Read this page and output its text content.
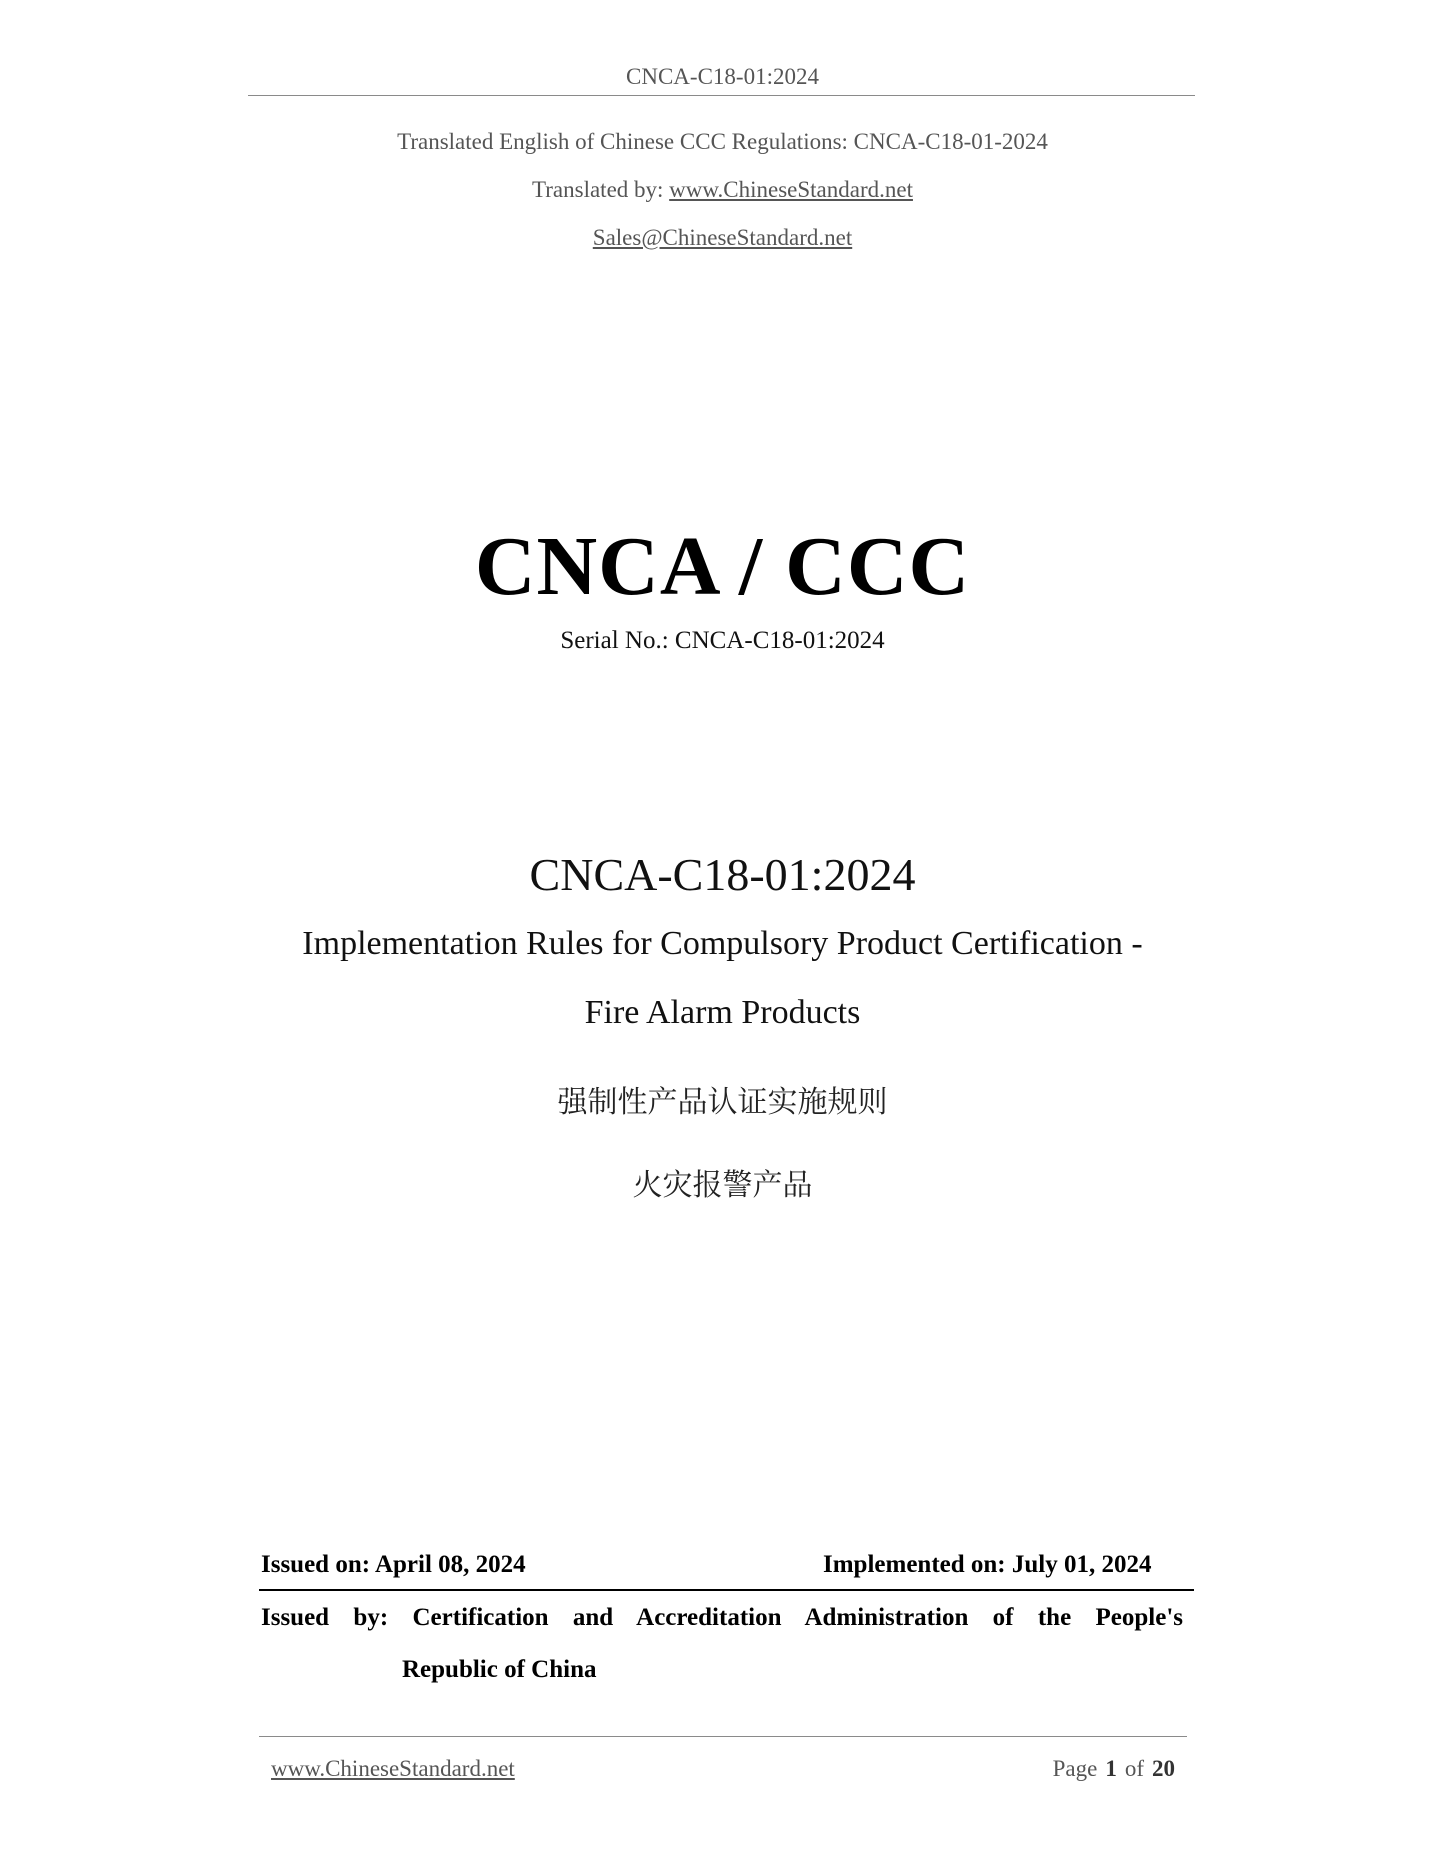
CNCA-C18-01:2024
Translated English of Chinese CCC Regulations: CNCA-C18-01-2024
Translated by: www.ChineseStandard.net
Sales@ChineseStandard.net
CNCA / CCC
Serial No.: CNCA-C18-01:2024
CNCA-C18-01:2024
Implementation Rules for Compulsory Product Certification -
Fire Alarm Products
强制性产品认证实施规则
火灾报警产品
Issued on: April 08, 2024	Implemented on: July 01, 2024
Issued by: Certification and Accreditation Administration of the People's
Republic of China
www.ChineseStandard.net	Page 1 of 20
